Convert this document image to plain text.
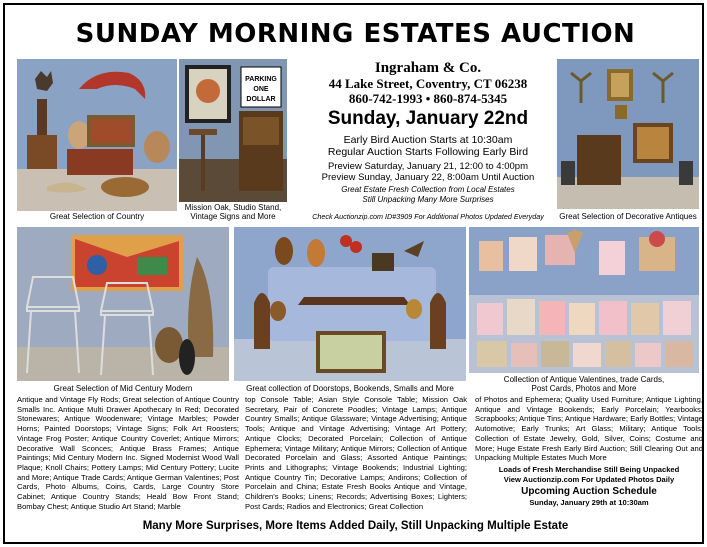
SUNDAY MORNING ESTATES AUCTION
Great Selection of Country
PARKING
ONE
DOLLAR
Mission Oak, Studio Stand,
Vintage Signs and More
Ingraham & Co.
44 Lake Street, Coventry, CT 06238
860-742-1993 • 860-874-5345
Sunday, January 22nd
Early Bird Auction Starts at 10:30am
Regular Auction Starts Following Early Bird
Preview Saturday, January 21, 12:00 to 4:00pm
Preview Sunday, January 22, 8:00am Until Auction
Great Estate Fresh Collection from Local Estates
Still Unpacking Many More Surprises
Check Auctionzip.com ID#3909 For Additional Photos Updated Everyday	Great Selection of Decorative Antiques
Great Selection of Mid Century Modern	Great collection of Doorstops, Bookends, Smalls and More
Collection of Antique Valentines, trade Cards,
Post Cards, Photos and More
Antique and Vintage Fly Rods; Great selection of Antique Country Smalls Inc. Antique Multi Drawer Apothecary In Red; Decorated Stonewares; Antique Woodenware; Vintage Marbles; Powder Horns; Painted Doorstops; Vintage Signs; Folk Art Roosters; Vintage Frog Poster; Antique Country Coverlet; Antique Mirrors; Decorative Wall Sconces; Antique Brass Frames; Antique Paintings; Mid Century Modern Inc. Signed Modernist Wood Wall Plaque; Knoll Chairs; Pottery Lamps; Mid Century Pottery; Lucite and More; Antique Trade Cards; Antique German Valentines; Post Cards, Photo Albums, Coins, Cards, Large Country Store Cabinet; Antique Country Stands; Heald Bow Front Stand; Bombay Chest; Antique Studio Art Stand; Marble
top Console Table; Asian Style Console Table; Mission Oak Secretary, Pair of Concrete Poodles; Vintage Lamps; Antique Country Smalls; Antique Glassware; Vintage Advertising; Antique Tools; Antique and Vintage Advertising; Vintage Art Pottery; Antique Clocks; Decorated Porcelain; Collection of Antique Ephemera; Vintage Military; Antique Mirrors; Collection of Antique Decorated Porcelain and Glass; Assorted Antique Paintings; Prints and Lithographs; Vintage Bookends; Industrial Lighting; Antique Country Tin; Decorative Lamps; Andirons; Collection of Porcelain and China; Estate Fresh Books Antique and Vintage, Children's Books; Linens; Records; Advertising Boxes; Lighters; Post Cards; Radios and Electronics; Great Collection
of Photos and Ephemera; Quality Used Furniture; Antique Lighting, Antique and Vintage Bookends; Early Porcelain; Yearbooks; Scrapbooks; Antique Tins; Antique Hardware; Early Bottles; Vintage Automotive; Early Trunks; Art Glass; Military; Antique Tools; Collection of Estate Jewelry, Gold, Silver, Coins; Costume and More; Huge Estate Fresh Early Bird Auction; Still Clearing Out and Unpacking Multiple Estates Much More
Loads of Fresh Merchandise Still Being Unpacked
View Auctionzip.com For Updated Photos Daily
Upcoming Auction Schedule
Sunday, January 29th at 10:30am
Many More Surprises, More Items Added Daily, Still Unpacking Multiple Estate
